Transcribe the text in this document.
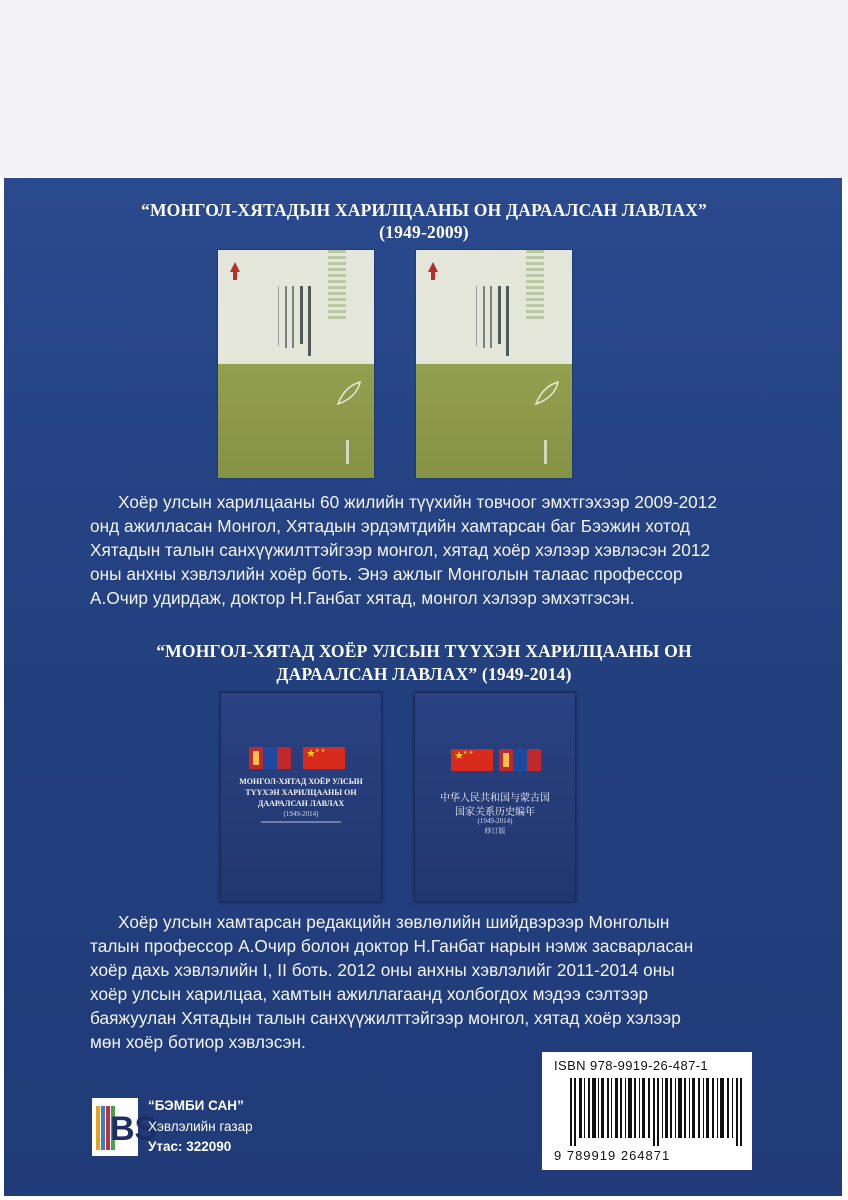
“МОНГОЛ-ХЯТАДЫН ХАРИЛЦААНЫ ОН ДАРААЛСАН ЛАВЛАХ”
(1949-2009)

Хоёр улсын харилцааны 60 жилийн түүхийн товчоог эмхтгэхээр 2009-2012

онд ажилласан Монгол, Хятадын эрдэмтдийн хамтарсан баг Бээжин хотод

Хятадын талын санхүүжилттэйгээр монгол, хятад хоёр хэлээр хэвлэсэн 2012

оны анхны хэвлэлийн хоёр боть. Энэ ажлыг Монголын талаас профессор

А.Очир удирдаж, доктор Н.Ганбат хятад, монгол хэлээр эмхэтгэсэн.

“МОНГОЛ-ХЯТАД ХОЁР УЛСЫН ТҮҮХЭН ХАРИЛЦААНЫ ОН
ДАРААЛСАН ЛАВЛАХ” (1949-2014)
★ ★ ★
МОНГОЛ-ХЯТАД ХОЁР УЛСЫН
ТҮҮХЭН ХАРИЛЦААНЫ ОН
ДААРАЛСАН ЛАВЛАХ
(1949-2014)
★ ★ ★
中华人民共和国与蒙古国
国家关系历史编年
(1949-2014)
修订版

Хоёр улсын хамтарсан редакцийн зөвлөлийн шийдвэрээр Монголын

талын профессор А.Очир болон доктор Н.Ганбат нарын нэмж засварласан

хоёр дахь хэвлэлийн I, II боть. 2012 оны анхны хэвлэлийг 2011-2014 оны

хоёр улсын харилцаа, хамтын ажиллагаанд холбогдох мэдээ сэлтээр

баяжуулан Хятадын талын санхүүжилттэйгээр монгол, хятад хоёр хэлээр

мөн хоёр ботиор хэвлэсэн.

ISBN 978-9919-26-487-1
9 789919 264871
BS
“БЭМБИ САН”
Хэвлэлийн газар
Утас: 322090
